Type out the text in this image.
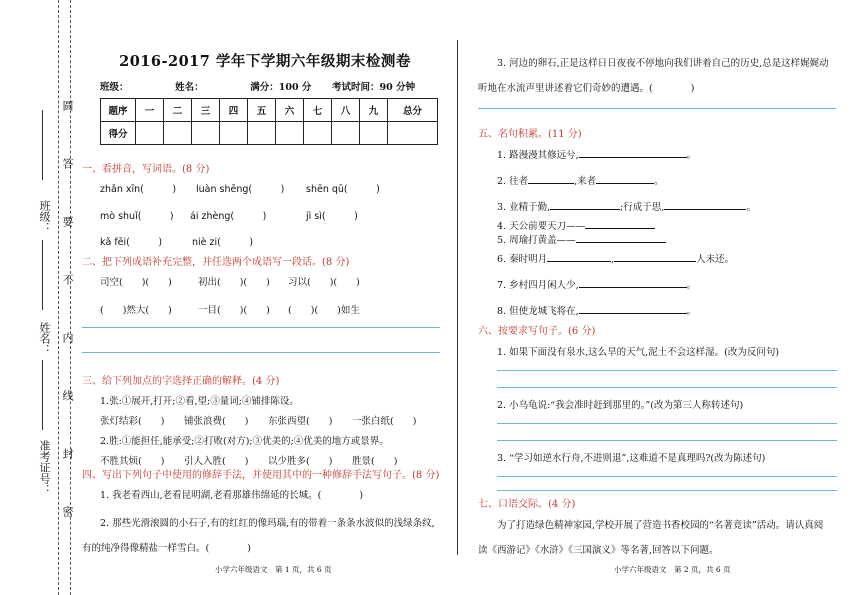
班级：
姓名：
准考证号：
圆
答
要
不
内
线
封
密
2016-2017 学年下学期六年级期末检测卷
班级：	姓名：	满分：100 分 考试时间：90 分钟
题序	一	二	三	四	五	六	七	八	九	总分
得分										
一、看拼音，写词语。(8 分)
zhǎn xīn(　　　) luàn shēng(　　　) shēn qū(　　　)
mò shuǐ(　　　) ái zhèng(　　　)	jì sì(　　　)
kǎ fēi(　　　)	niè zi(　　　)
二、把下列成语补充完整，并任选两个成语写一段话。(8 分)
司空(　　)(　　)	初出(　　)(　　) 习以(　　)(　　)
(　　)然大(　　)	一目(　　)(　　) (　　)(　　)如生
三、给下列加点的字选择正确的解释。(4 分)
1.张:①展开,打开;②看,望;③量词;④铺排陈设。
张灯结彩(　　) 铺张浪费(　　) 东张西望(　　) 一张白纸(　　)
2.胜:①能担任,能承受;②打败(对方);③优美的;④优美的地方或景界。
不胜其烦(　　) 引人入胜(　　) 以少胜多(　　) 胜景(　　)
四、写出下列句子中使用的修辞手法，并使用其中的一种修辞手法写句子。(8 分)
1. 我老看西山,老看昆明湖,老看那雄伟绵延的长城。(　　　　)
2. 那些光滑滚圆的小石子,有的红红的像玛瑙,有的带着一条条水波似的浅绿条纹,
有的纯净得像精盐一样雪白。(　　　　)
小学六年级语文　第 1 页，共 6 页
3. 河边的卵石,正是这样日日夜夜不停地向我们讲着自己的历史,总是这样娓娓动
听地在水流声里讲述着它们奇妙的遭遇。(　　　　)
五、名句积累。(11 分)
1. 路漫漫其修远兮,	。
2. 往者	,来者	。
3. 业精于勤,	;行成于思,	。
4. 天公前要天刀——
5. 周瑜打黄盖——
6. 秦时明月	,	人未还。
7. 乡村四月闲人少,	。
8. 但使龙城飞将在,	。
六、按要求写句子。(6 分)
1. 如果下面没有泉水,这么旱的天气,泥土不会这样湿。(改为反问句)
2. 小乌龟说:“我会准时赶到那里的。”(改为第三人称转述句)
3. “学习如逆水行舟,不进则退”,这难道不是真理吗?(改为陈述句)
七、口语交际。(4 分)
为了打造绿色精神家园,学校开展了营造书香校园的“名著竟读”活动。请认真阅
读《西游记》《水浒》《三国演义》等名著,回答以下问题。
小学六年级语文　第 2 页，共 6 页
